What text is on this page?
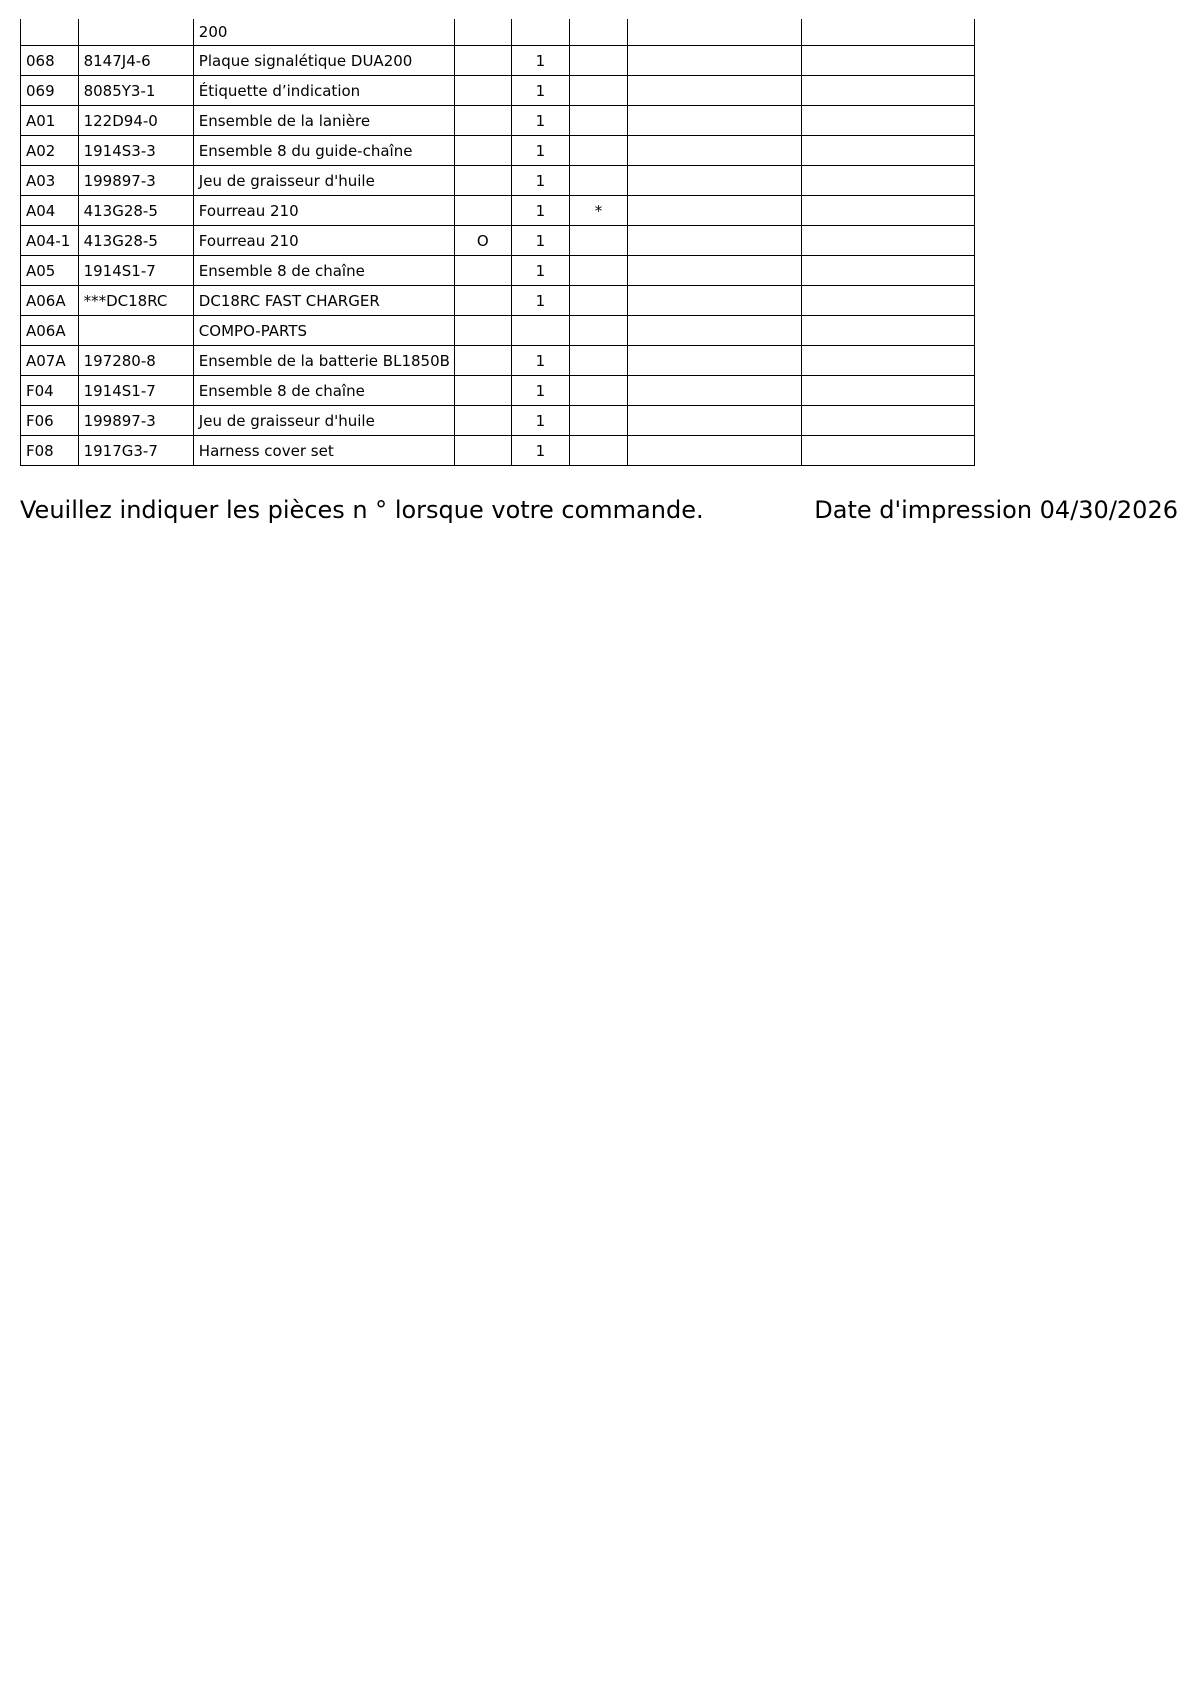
		200					
068	8147J4-6	Plaque signalétique DUA200		1			
069	8085Y3-1	Étiquette d’indication		1			
A01	122D94-0	Ensemble de la lanière		1			
A02	1914S3-3	Ensemble 8 du guide-chaîne		1			
A03	199897-3	Jeu de graisseur d'huile		1			
A04	413G28-5	Fourreau 210		1	*		
A04-1	413G28-5	Fourreau 210	O	1			
A05	1914S1-7	Ensemble 8 de chaîne		1			
A06A	***DC18RC	DC18RC FAST CHARGER		1			
A06A		COMPO-PARTS					
A07A	197280-8	Ensemble de la batterie BL1850B		1			
F04	1914S1-7	Ensemble 8 de chaîne		1			
F06	199897-3	Jeu de graisseur d'huile		1			
F08	1917G3-7	Harness cover set		1			
Veuillez indiquer les pièces n ° lorsque votre commande.	Date d'impression 04/30/2026
